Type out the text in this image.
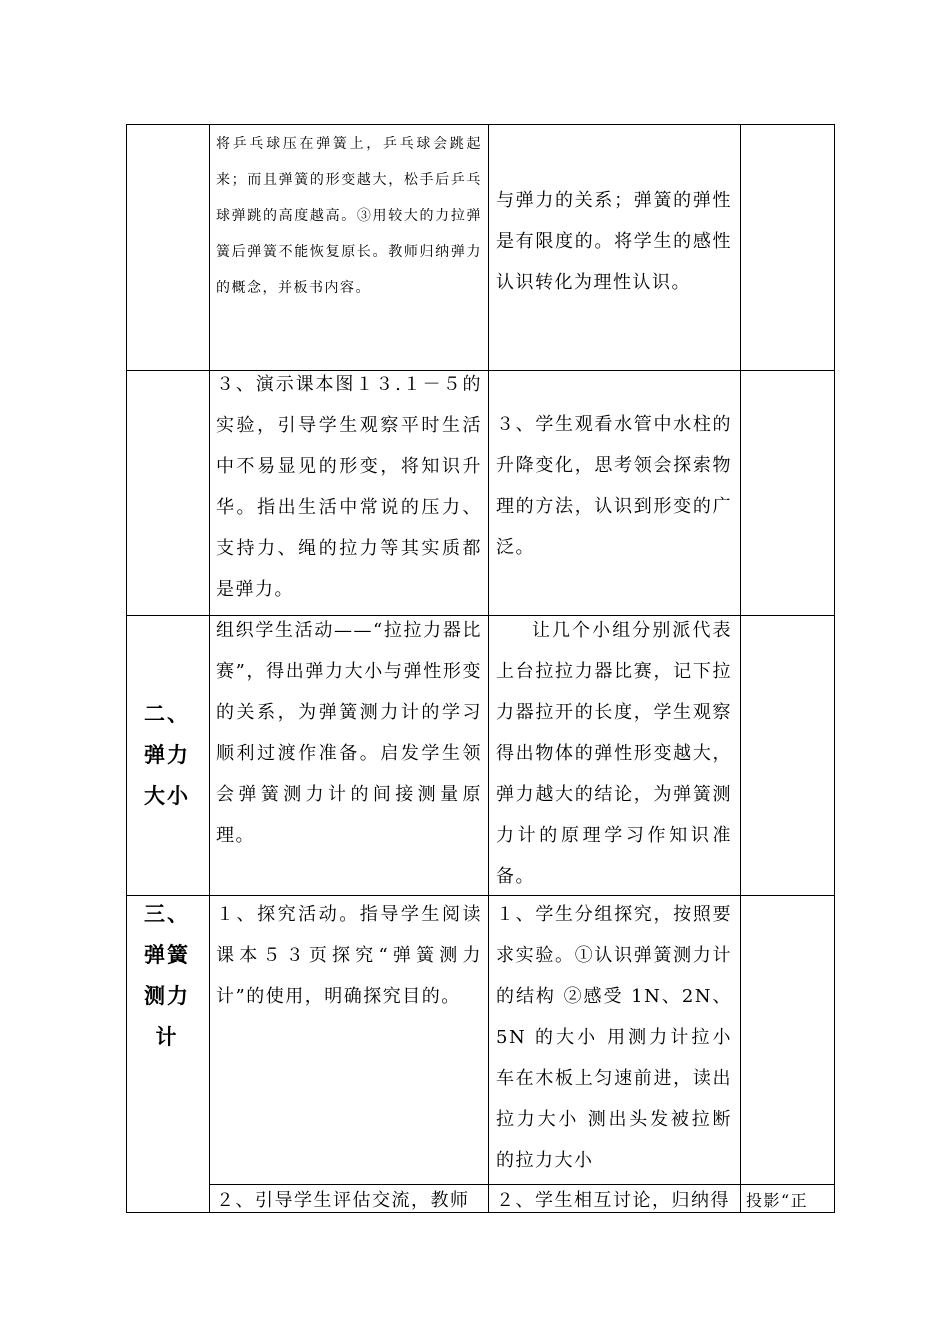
将乒乓球压在弹簧上，乒乓球会跳起来；而且弹簧的形变越大，松手后乒乓球弹跳的高度越高。③用较大的力拉弹簧后弹簧不能恢复原长。教师归纳弹力的概念，并板书内容。
与弹力的关系；弹簧的弹性是有限度的。将学生的感性认识转化为理性认识。
３、演示课本图１３.１－５的实验，引导学生观察平时生活中不易显见的形变，将知识升华。指出生活中常说的压力、支持力、绳的拉力等其实质都是弹力。
３、学生观看水管中水柱的升降变化，思考领会探索物理的方法，认识到形变的广泛。
二、弹力大小
组织学生活动——“拉拉力器比赛”，得出弹力大小与弹性形变的关系，为弹簧测力计的学习顺利过渡作准备。启发学生领会弹簧测力计的间接测量原理。
让几个小组分别派代表上台拉拉力器比赛，记下拉力器拉开的长度，学生观察得出物体的弹性形变越大，弹力越大的结论，为弹簧测力计的原理学习作知识准备。
三、弹簧测力计
１、探究活动。指导学生阅读课本５３页探究“弹簧测力计”的使用，明确探究目的。
１、学生分组探究，按照要求实验。①认识弹簧测力计的结构 ②感受 1N、2N、5N 的大小 用测力计拉小车在木板上匀速前进，读出拉力大小 测出头发被拉断的拉力大小
２、引导学生评估交流，教师	２、学生相互讨论，归纳得 投影“正
